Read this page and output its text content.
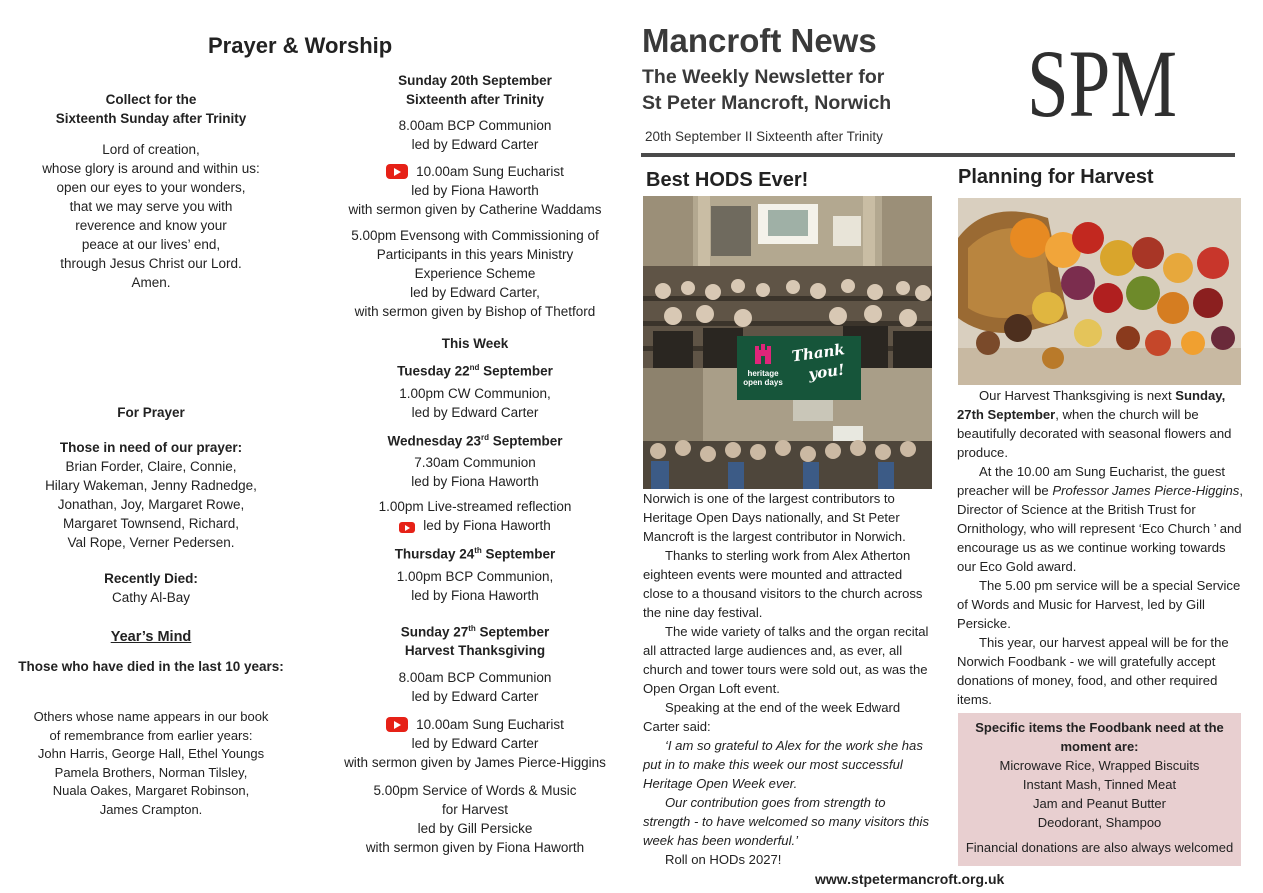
Prayer & Worship
Collect for the
Sixteenth Sunday after Trinity
Lord of creation,
whose glory is around and within us:
open our eyes to your wonders,
that we may serve you with
reverence and know your
peace at our lives’ end,
through Jesus Christ our Lord.
Amen.
For Prayer
Those in need of our prayer:
Brian Forder, Claire, Connie,
Hilary Wakeman, Jenny Radnedge,
Jonathan, Joy, Margaret Rowe,
Margaret Townsend, Richard,
Val Rope, Verner Pedersen.
Recently Died:
Cathy Al-Bay
Year’s Mind
Those who have died in the last 10 years:
Others whose name appears in our book
of remembrance from earlier years:
John Harris, George Hall, Ethel Youngs
Pamela Brothers, Norman Tilsley,
Nuala Oakes, Margaret Robinson,
James Crampton.
Sunday 20th September
Sixteenth after Trinity
8.00am BCP Communion
led by Edward Carter
10.00am Sung Eucharist
led by Fiona Haworth
with sermon given by Catherine Waddams
5.00pm Evensong with Commissioning of
Participants in this years Ministry
Experience Scheme
led by Edward Carter,
with sermon given by Bishop of Thetford
This Week
Tuesday 22nd September
1.00pm CW Communion,
led by Edward Carter
Wednesday 23rd September
7.30am Communion
led by Fiona Haworth
1.00pm Live-streamed reflection
led by Fiona Haworth
Thursday 24th September
1.00pm BCP Communion,
led by Fiona Haworth
Sunday 27th September
Harvest Thanksgiving
8.00am BCP Communion
led by Edward Carter
10.00am Sung Eucharist
led by Edward Carter
with sermon given by James Pierce-Higgins
5.00pm Service of Words & Music
for Harvest
led by Gill Persicke
with sermon given by Fiona Haworth
Mancroft News
The Weekly Newsletter for
St Peter Mancroft, Norwich
20th September II Sixteenth after Trinity SPM
Best HODS Ever!
heritage
open days
Thank
you!

Norwich is one of the largest contributors to Heritage Open Days nationally, and St Peter Mancroft is the largest contributor in Norwich.

Thanks to sterling work from Alex Atherton eighteen events were mounted and attracted close to a thousand visitors to the church across the nine day festival.

The wide variety of talks and the organ recital all attracted large audiences and, as ever, all church and tower tours were sold out, as was the Open Organ Loft event.

Speaking at the end of the week Edward Carter said:

‘I am so grateful to Alex for the work she has put in to make this week our most successful Heritage Open Week ever.

Our contribution goes from strength to strength - to have welcomed so many visitors this week has been wonderful.’

Roll on HODs 2027!

Planning for Harvest

Our Harvest Thanksgiving is next Sunday, 27th September, when the church will be beautifully decorated with seasonal flowers and produce.

At the 10.00 am Sung Eucharist, the guest preacher will be Professor James Pierce-Higgins, Director of Science at the British Trust for Ornithology, who will represent ‘Eco Church ’ and encourage us as we continue working towards our Eco Gold award.

The 5.00 pm service will be a special Service of Words and Music for Harvest, led by Gill Persicke.

This year, our harvest appeal will be for the Norwich Foodbank - we will gratefully accept donations of money, food, and other required items.

Specific items the Foodbank need at the
moment are:
Microwave Rice, Wrapped Biscuits
Instant Mash, Tinned Meat
Jam and Peanut Butter
Deodorant, Shampoo
Financial donations are also always welcomed
www.stpetermancroft.org.uk
